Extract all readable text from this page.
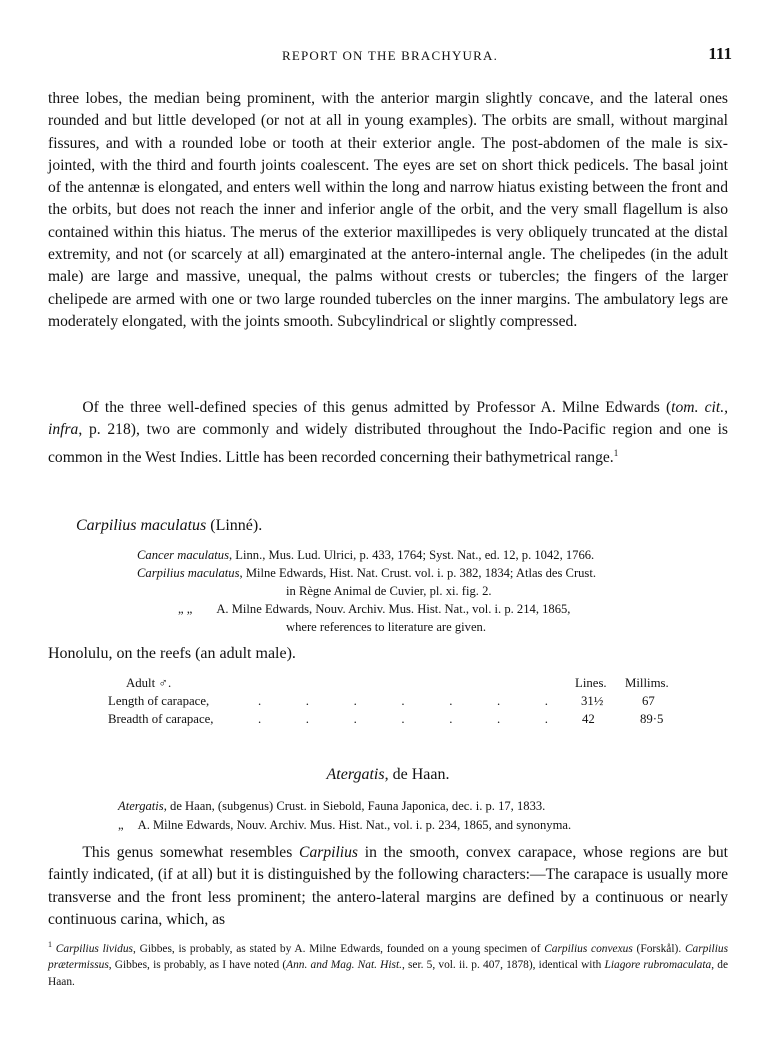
REPORT ON THE BRACHYURA.	111
three lobes, the median being prominent, with the anterior margin slightly concave, and the lateral ones rounded and but little developed (or not at all in young examples). The orbits are small, without marginal fissures, and with a rounded lobe or tooth at their exterior angle. The post-abdomen of the male is six-jointed, with the third and fourth joints coalescent. The eyes are set on short thick pedicels. The basal joint of the antennæ is elongated, and enters well within the long and narrow hiatus existing between the front and the orbits, but does not reach the inner and inferior angle of the orbit, and the very small flagellum is also contained within this hiatus. The merus of the exterior maxillipedes is very obliquely truncated at the distal extremity, and not (or scarcely at all) emarginated at the antero-internal angle. The chelipedes (in the adult male) are large and massive, unequal, the palms without crests or tubercles; the fingers of the larger chelipede are armed with one or two large rounded tubercles on the inner margins. The ambulatory legs are moderately elongated, with the joints smooth. Subcylindrical or slightly compressed.
Of the three well-defined species of this genus admitted by Professor A. Milne Edwards (tom. cit., infra, p. 218), two are commonly and widely distributed throughout the Indo-Pacific region and one is common in the West Indies. Little has been recorded concerning their bathymetrical range.$^1$
Carpilius maculatus (Linné).
Cancer maculatus, Linn., Mus. Lud. Ulrici, p. 433, 1764; Syst. Nat., ed. 12, p. 1042, 1766.
Carpilius maculatus, Milne Edwards, Hist. Nat. Crust. vol. i. p. 382, 1834; Atlas des Crust.
in Règne Animal de Cuvier, pl. xi. fig. 2.
„ „ A. Milne Edwards, Nouv. Archiv. Mus. Hist. Nat., vol. i. p. 214, 1865,
where references to literature are given.
Honolulu, on the reefs (an adult male).
Adult ♂.	Lines. Millims.
Length of carapace,	.	.	.	.	.	.	.	31½	67
Breadth of carapace,	.	.	.	.	.	.	.	42	89·5
Atergatis, de Haan.
Atergatis, de Haan, (subgenus) Crust. in Siebold, Fauna Japonica, dec. i. p. 17, 1833.
„ A. Milne Edwards, Nouv. Archiv. Mus. Hist. Nat., vol. i. p. 234, 1865, and synonyma.
This genus somewhat resembles Carpilius in the smooth, convex carapace, whose regions are but faintly indicated, (if at all) but it is distinguished by the following characters:—The carapace is usually more transverse and the front less prominent; the antero-lateral margins are defined by a continuous or nearly continuous carina, which, as
$^1$ Carpilius lividus, Gibbes, is probably, as stated by A. Milne Edwards, founded on a young specimen of Carpilius convexus (Forskål). Carpilius prætermissus, Gibbes, is probably, as I have noted (Ann. and Mag. Nat. Hist., ser. 5, vol. ii. p. 407, 1878), identical with Liagore rubromaculata, de Haan.
